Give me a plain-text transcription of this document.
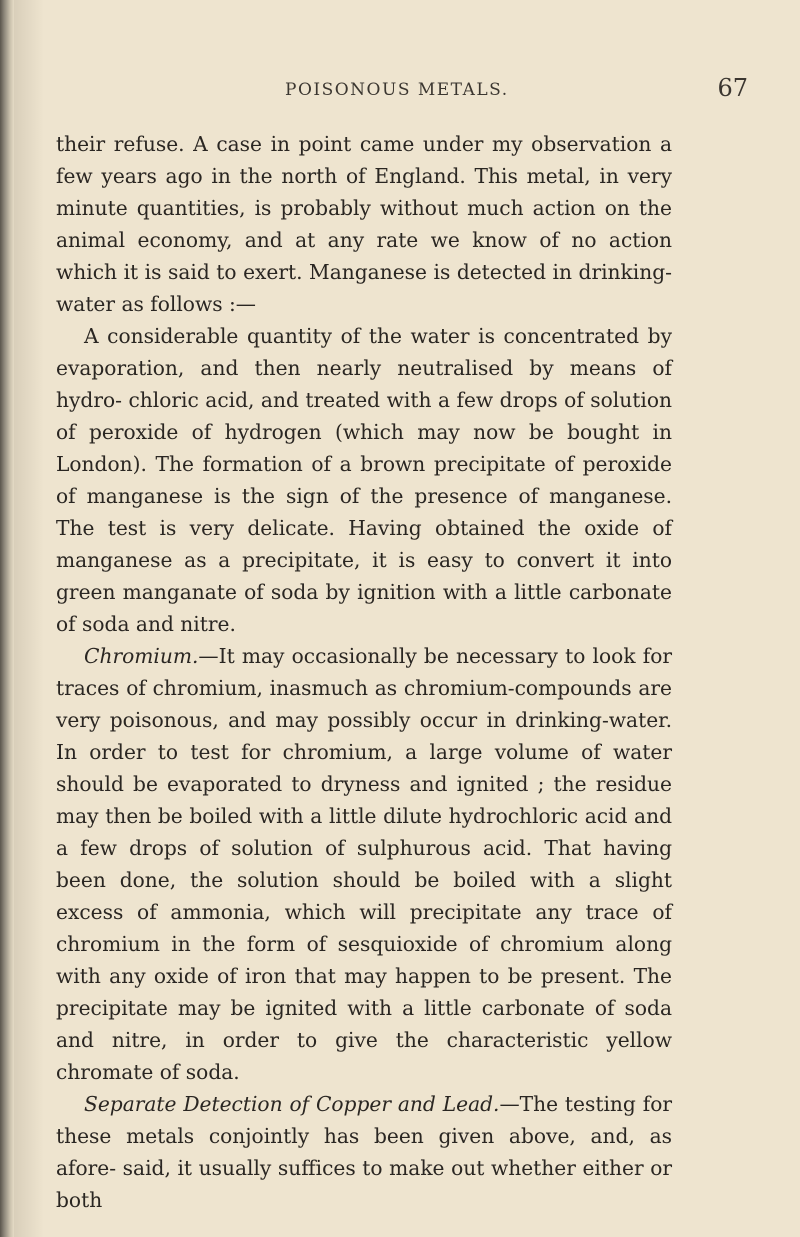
POISONOUS METALS.	67

their refuse. A case in point came under my observation a few years ago in the north of England. This metal, in very minute quantities, is probably without much action on the animal economy, and at any rate we know of no action which it is said to exert. Manganese is detected in drinking-water as follows :—

A considerable quantity of the water is concentrated by evaporation, and then nearly neutralised by means of hydro- chloric acid, and treated with a few drops of solution of peroxide of hydrogen (which may now be bought in London). The formation of a brown precipitate of peroxide of manganese is the sign of the presence of manganese. The test is very delicate. Having obtained the oxide of manganese as a precipitate, it is easy to convert it into green manganate of soda by ignition with a little carbonate of soda and nitre.

Chromium.—It may occasionally be necessary to look for traces of chromium, inasmuch as chromium-compounds are very poisonous, and may possibly occur in drinking-water. In order to test for chromium, a large volume of water should be evaporated to dryness and ignited ; the residue may then be boiled with a little dilute hydrochloric acid and a few drops of solution of sulphurous acid. That having been done, the solution should be boiled with a slight excess of ammonia, which will precipitate any trace of chromium in the form of sesquioxide of chromium along with any oxide of iron that may happen to be present. The precipitate may be ignited with a little carbonate of soda and nitre, in order to give the characteristic yellow chromate of soda.

Separate Detection of Copper and Lead.—The testing for these metals conjointly has been given above, and, as afore- said, it usually suffices to make out whether either or both
